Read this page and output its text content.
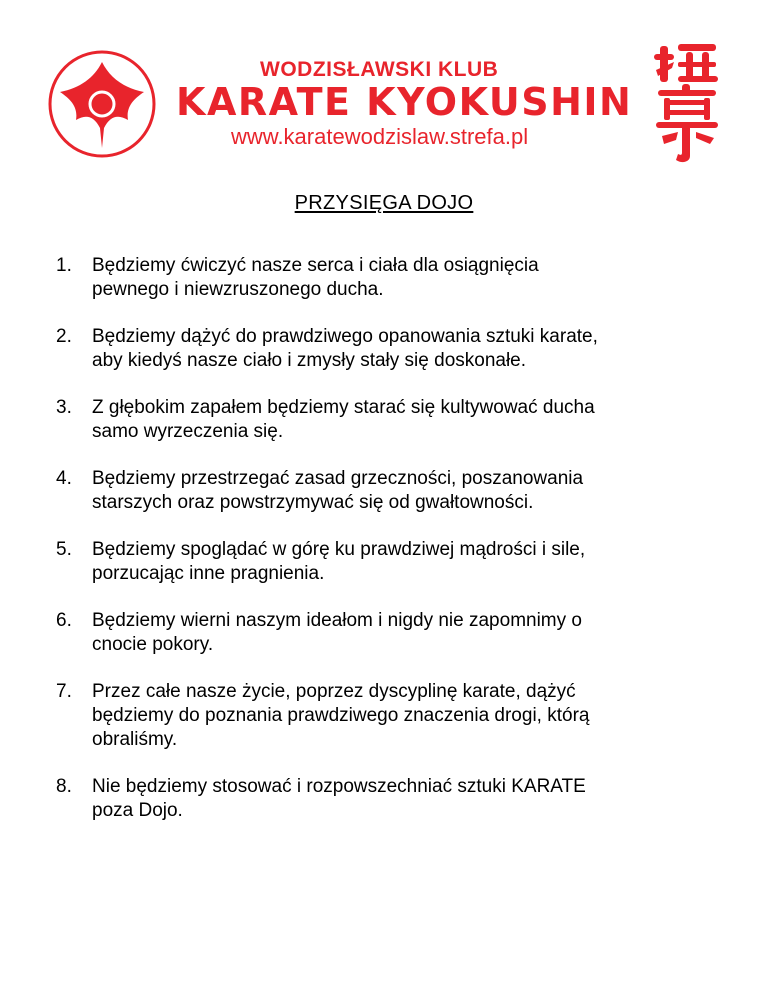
WODZISŁAWSKI KLUB
KARATE KYOKUSHIN
www.karatewodzislaw.strefa.pl
PRZYSIĘGA DOJO
1. Będziemy ćwiczyć nasze serca i ciała dla osiągnięcia
pewnego i niewzruszonego ducha.
2. Będziemy dążyć do prawdziwego opanowania sztuki karate,
aby kiedyś nasze ciało i zmysły stały się doskonałe.
3. Z głębokim zapałem będziemy starać się kultywować ducha
samo wyrzeczenia się.
4. Będziemy przestrzegać zasad grzeczności, poszanowania
starszych oraz powstrzymywać się od gwałtowności.
5. Będziemy spoglądać w górę ku prawdziwej mądrości i sile,
porzucając inne pragnienia.
6. Będziemy wierni naszym ideałom i nigdy nie zapomnimy o
cnocie pokory.
7. Przez całe nasze życie, poprzez dyscyplinę karate, dążyć
będziemy do poznania prawdziwego znaczenia drogi, którą
obraliśmy.
8. Nie będziemy stosować i rozpowszechniać sztuki KARATE
poza Dojo.
